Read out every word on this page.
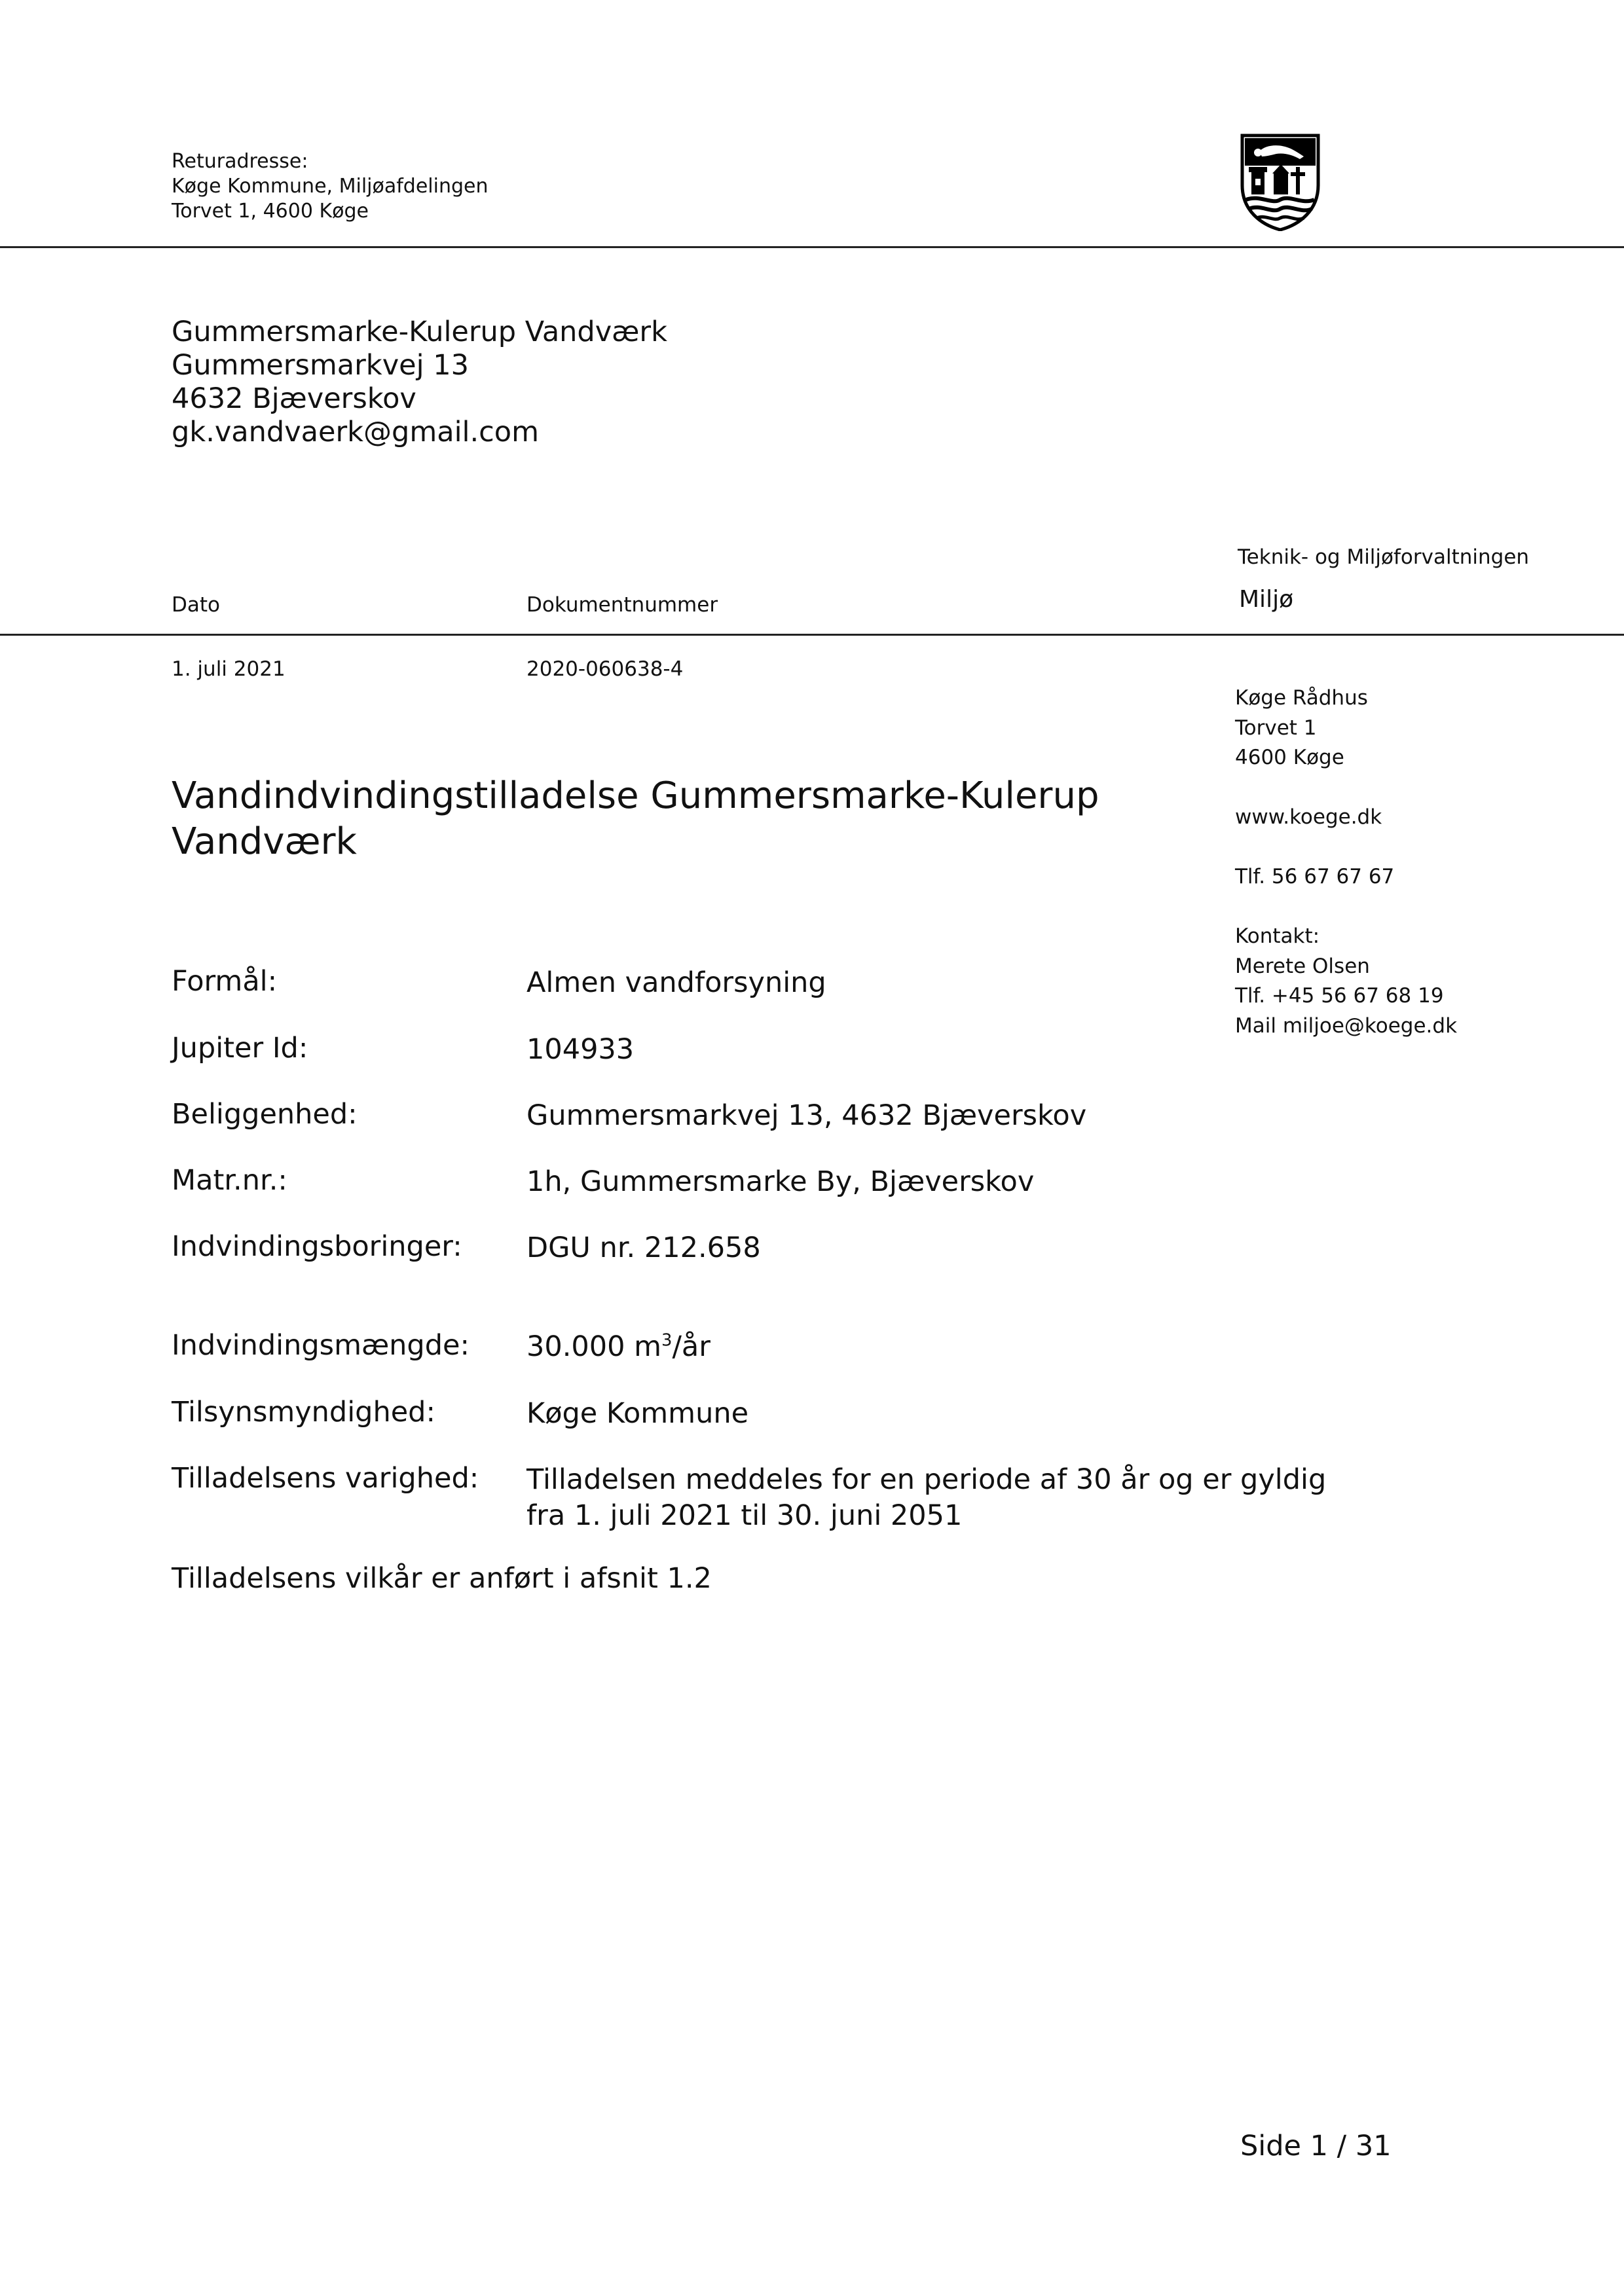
Returadresse:
Køge Kommune, Miljøafdelingen
Torvet 1, 4600 Køge
Gummersmarke-Kulerup Vandværk
Gummersmarkvej 13
4632 Bjæverskov
gk.vandvaerk@gmail.com
Teknik- og Miljøforvaltningen
Miljø
Dato	Dokumentnummer
1. juli 2021	2020-060638-4
Køge Rådhus
Torvet 1
4600 Køge
www.koege.dk
Tlf. 56 67 67 67
Kontakt:
Merete Olsen
Tlf. +45 56 67 68 19
Mail miljoe@koege.dk
Vandindvindingstilladelse Gummersmarke-Kulerup Vandværk
Formål:	Almen vandforsyning
Jupiter Id:	104933
Beliggenhed:	Gummersmarkvej 13, 4632 Bjæverskov
Matr.nr.:	1h, Gummersmarke By, Bjæverskov
Indvindingsboringer: DGU nr. 212.658
Indvindingsmængde: 30.000 $m^3/år$
Tilsynsmyndighed:	Køge Kommune
Tilladelsens varighed: Tilladelsen meddeles for en periode af 30 år og er gyldig
fra 1. juli 2021 til 30. juni 2051
Tilladelsens vilkår er anført i afsnit 1.2
Side 1 / 31
